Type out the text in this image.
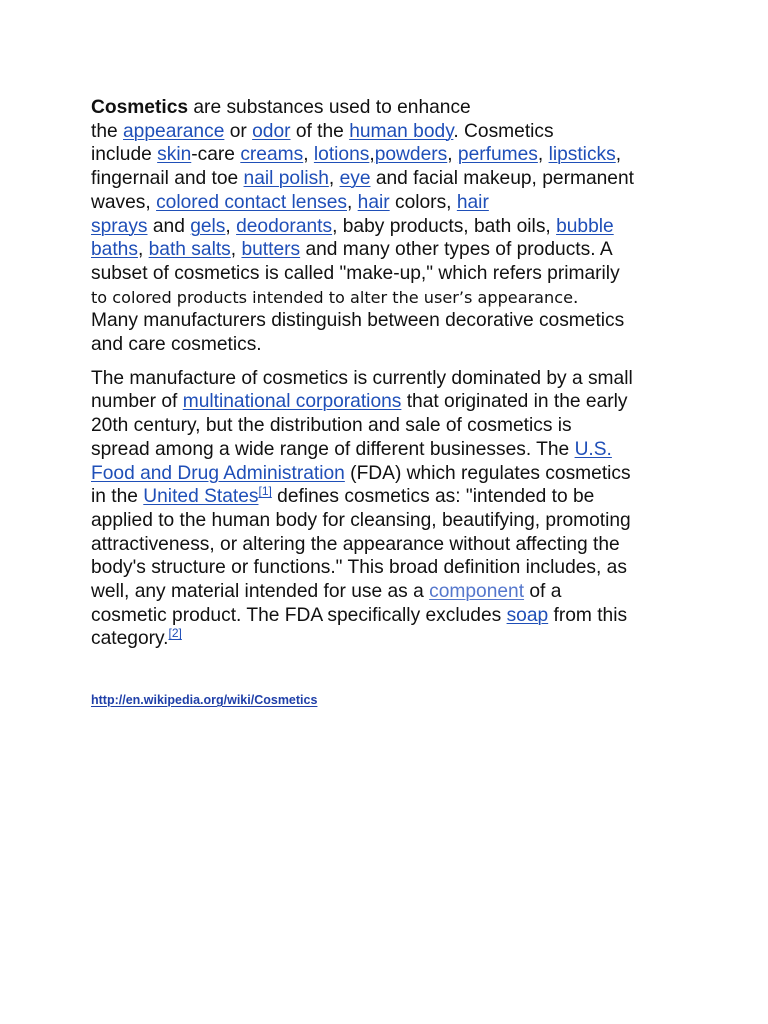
Cosmetics are substances used to enhance
the appearance or odor of the human body. Cosmetics
include skin-care creams, lotions,powders, perfumes, lipsticks,
fingernail and toe nail polish, eye and facial makeup, permanent
waves, colored contact lenses, hair colors, hair
sprays and gels, deodorants, baby products, bath oils, bubble
baths, bath salts, butters and many other types of products. A
subset of cosmetics is called "make-up," which refers primarily
to colored products intended to alter the user’s appearance.
Many manufacturers distinguish between decorative cosmetics
and care cosmetics.

The manufacture of cosmetics is currently dominated by a small
number of multinational corporations that originated in the early
20th century, but the distribution and sale of cosmetics is
spread among a wide range of different businesses. The U.S.
Food and Drug Administration (FDA) which regulates cosmetics
in the United States[1] defines cosmetics as: "intended to be
applied to the human body for cleansing, beautifying, promoting
attractiveness, or altering the appearance without affecting the
body's structure or functions." This broad definition includes, as
well, any material intended for use as a component of a
cosmetic product. The FDA specifically excludes soap from this
category.[2]

http://en.wikipedia.org/wiki/Cosmetics
